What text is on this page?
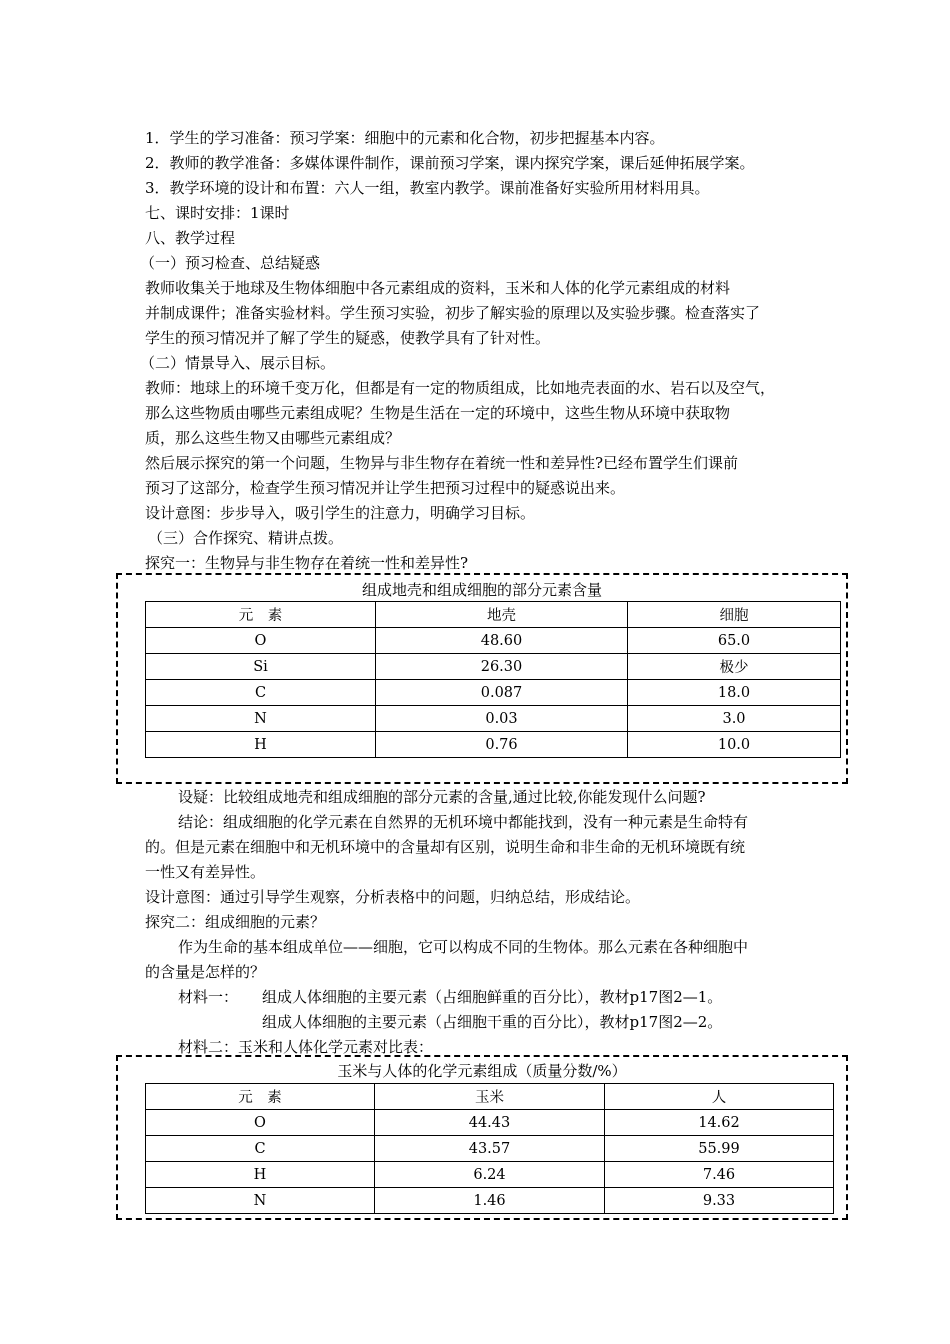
1．学生的学习准备：预习学案：细胞中的元素和化合物，初步把握基本内容。
2．教师的教学准备：多媒体课件制作，课前预习学案，课内探究学案，课后延伸拓展学案。
3．教学环境的设计和布置：六人一组，教室内教学。课前准备好实验所用材料用具。
七、课时安排：1课时
八、教学过程
（一）预习检查、总结疑惑
教师收集关于地球及生物体细胞中各元素组成的资料，玉米和人体的化学元素组成的材料
并制成课件；准备实验材料。学生预习实验，初步了解实验的原理以及实验步骤。检查落实了
学生的预习情况并了解了学生的疑惑，使教学具有了针对性。
（二）情景导入、展示目标。
教师：地球上的环境千变万化，但都是有一定的物质组成，比如地壳表面的水、岩石以及空气，
那么这些物质由哪些元素组成呢？生物是生活在一定的环境中，这些生物从环境中获取物
质，那么这些生物又由哪些元素组成？
然后展示探究的第一个问题，生物异与非生物存在着统一性和差异性?已经布置学生们课前
预习了这部分，检查学生预习情况并让学生把预习过程中的疑惑说出来。
设计意图：步步导入，吸引学生的注意力，明确学习目标。
（三）合作探究、精讲点拨。
探究一：生物异与非生物存在着统一性和差异性?
组成地壳和组成细胞的部分元素含量
元　素	地壳	细胞
O	48.60	65.0
Si	26.30	极少
C	0.087	18.0
N	0.03	3.0
H	0.76	10.0
设疑：比较组成地壳和组成细胞的部分元素的含量,通过比较,你能发现什么问题?
结论：组成细胞的化学元素在自然界的无机环境中都能找到，没有一种元素是生命特有
的。但是元素在细胞中和无机环境中的含量却有区别，说明生命和非生命的无机环境既有统
一性又有差异性。
设计意图：通过引导学生观察，分析表格中的问题，归纳总结，形成结论。
探究二：组成细胞的元素？
作为生命的基本组成单位——细胞，它可以构成不同的生物体。那么元素在各种细胞中
的含量是怎样的？
材料一： 组成人体细胞的主要元素（占细胞鲜重的百分比），教材p17图2—1。
组成人体细胞的主要元素（占细胞干重的百分比），教材p17图2—2。
材料二：玉米和人体化学元素对比表：
玉米与人体的化学元素组成（质量分数/%）
元　素	玉米	人
O	44.43	14.62
C	43.57	55.99
H	6.24	7.46
N	1.46	9.33
